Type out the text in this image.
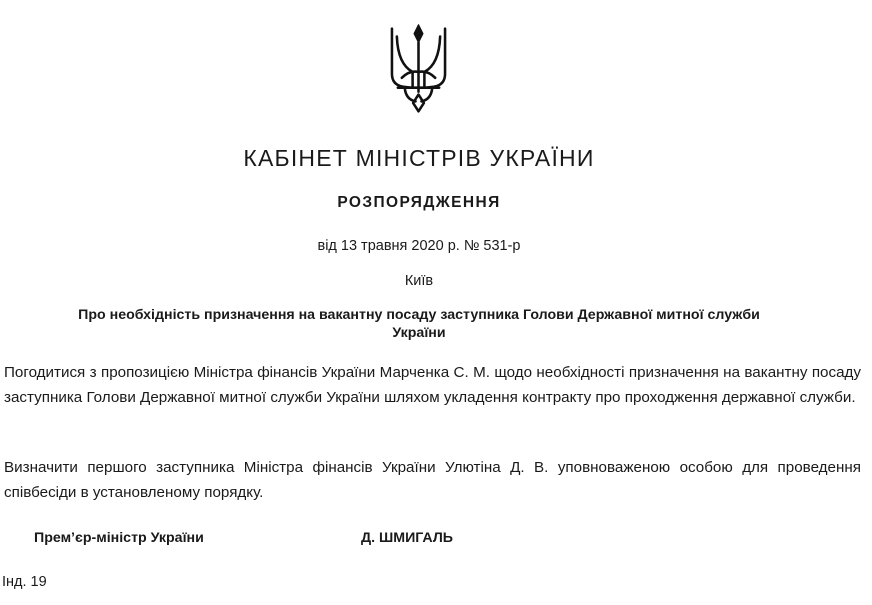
КАБІНЕТ МІНІСТРІВ УКРАЇНИ
РОЗПОРЯДЖЕННЯ
від 13 травня 2020 р. № 531-р
Київ
Про необхідність призначення на вакантну посаду заступника Голови Державної митної служби України

Погодитися з пропозицією Міністра фінансів України Марченка С. М. щодо необхідності призначення на вакантну посаду заступника Голови Державної митної служби України шляхом укладення контракту про проходження державної служби.

Визначити першого заступника Міністра фінансів України Улютіна Д. В. уповноваженою особою для проведення співбесіди в установленому порядку.

Прем’єр-міністр України	Д. ШМИГАЛЬ
Інд. 19
